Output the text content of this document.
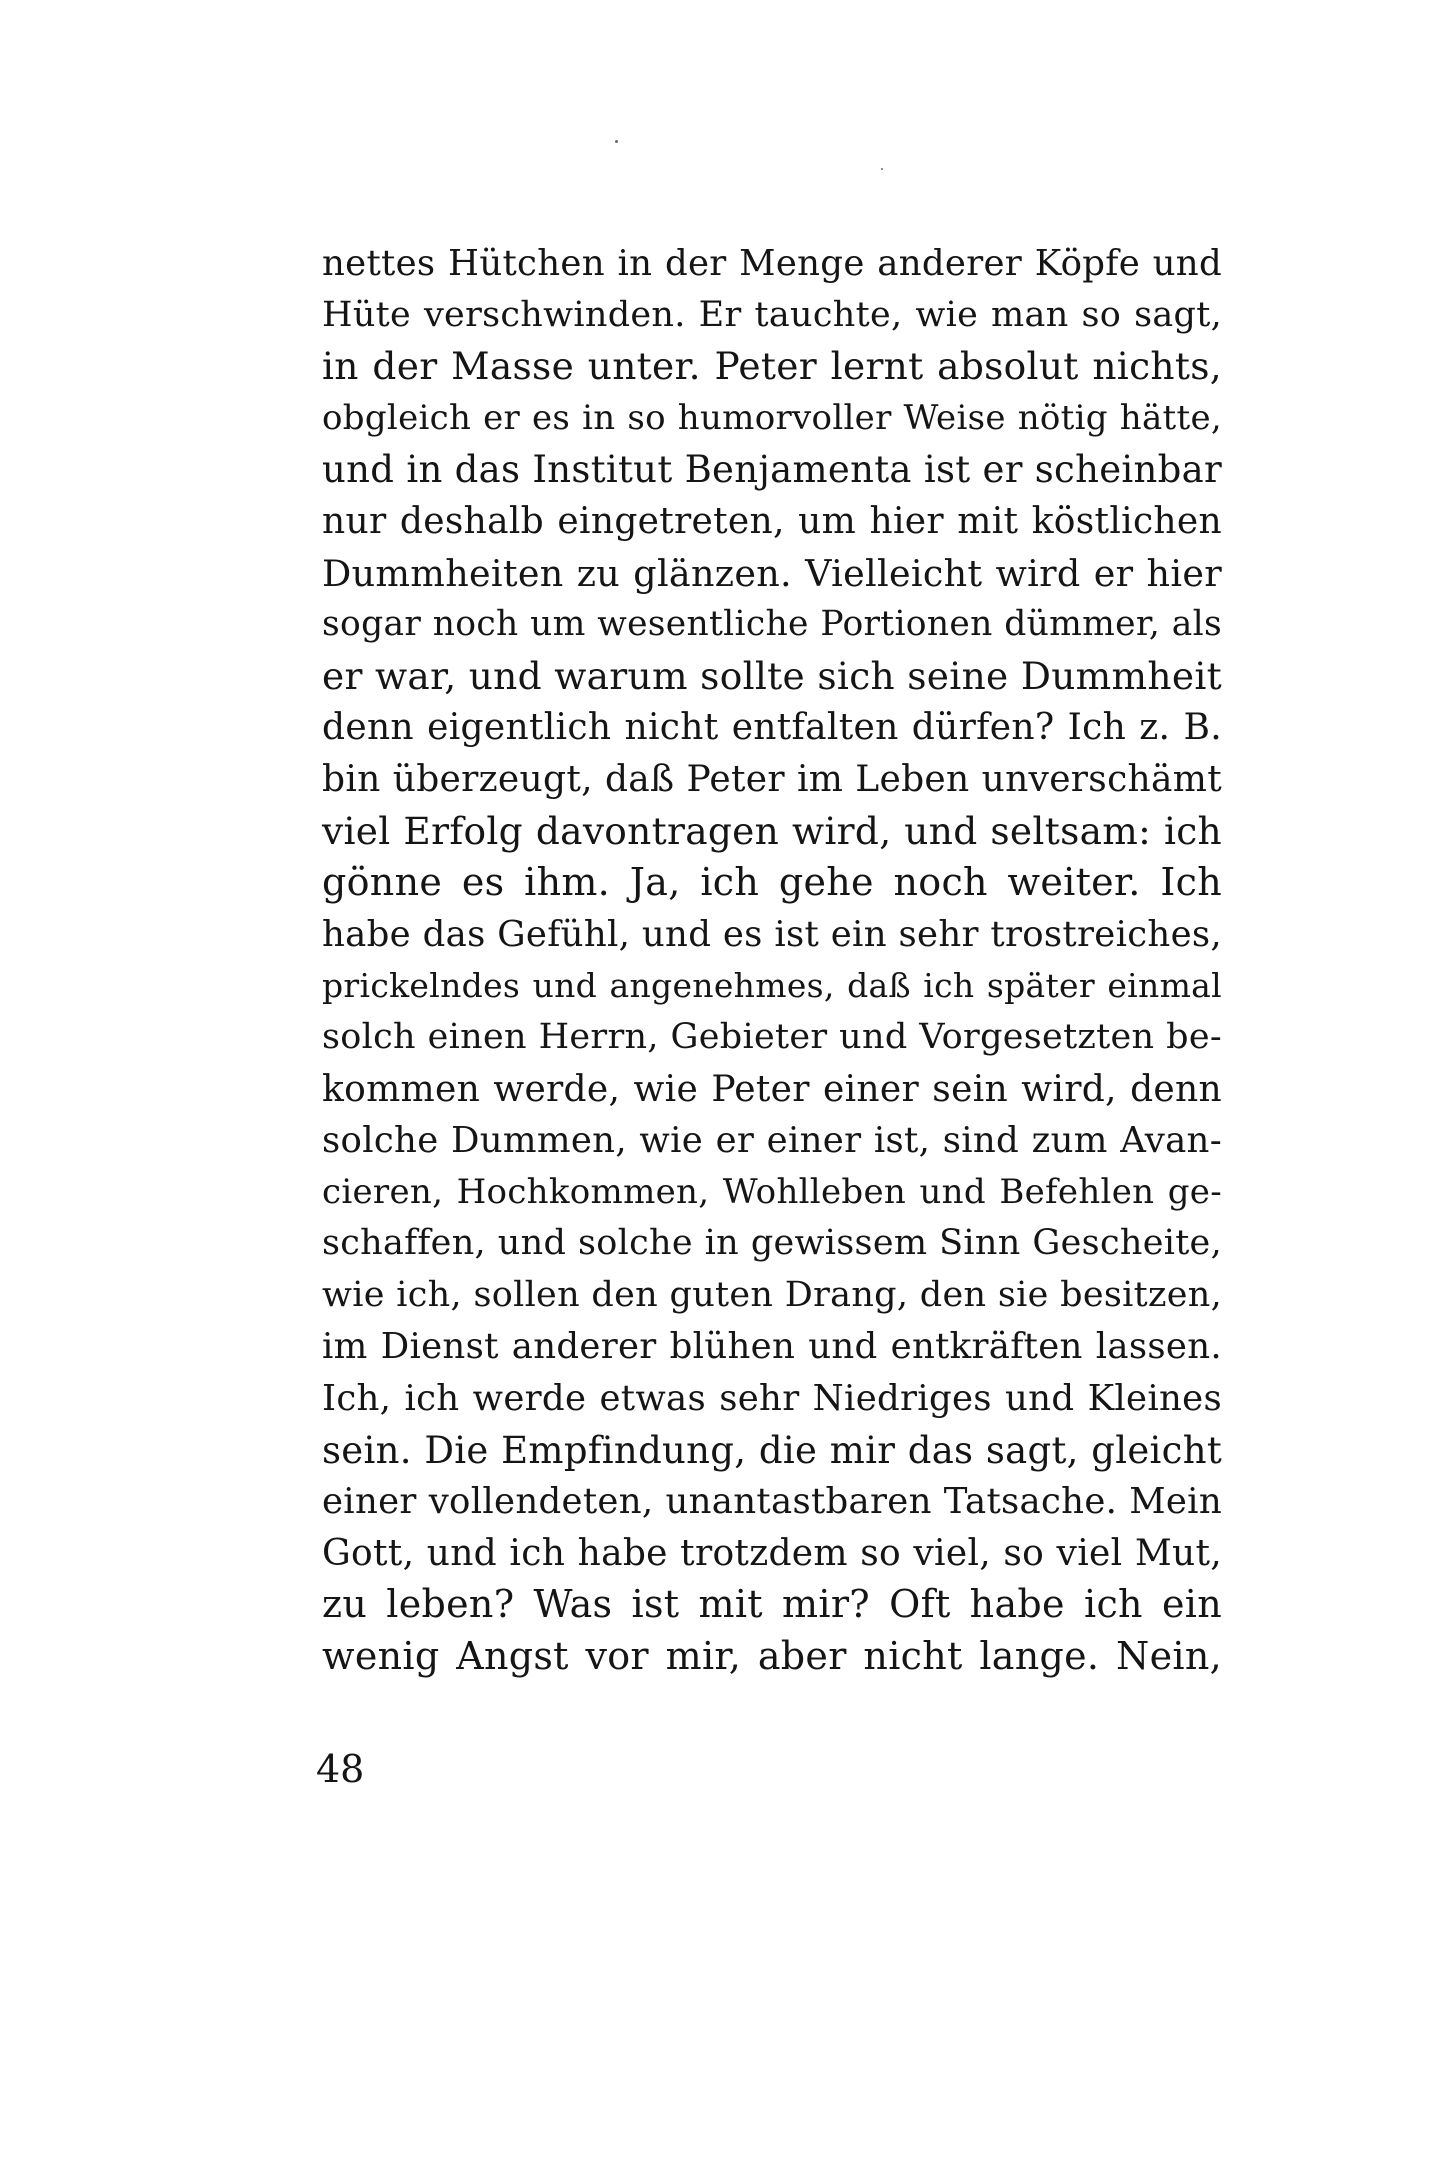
nettes Hütchen in der Menge anderer Köpfe und
Hüte verschwinden. Er tauchte, wie man so sagt,
in der Masse unter. Peter lernt absolut nichts,
obgleich er es in so humorvoller Weise nötig hätte,
und in das Institut Benjamenta ist er scheinbar
nur deshalb eingetreten, um hier mit köstlichen
Dummheiten zu glänzen. Vielleicht wird er hier
sogar noch um wesentliche Portionen dümmer, als
er war, und warum sollte sich seine Dummheit
denn eigentlich nicht entfalten dürfen? Ich z. B.
bin überzeugt, daß Peter im Leben unverschämt
viel Erfolg davontragen wird, und seltsam: ich
gönne es ihm. Ja, ich gehe noch weiter. Ich
habe das Gefühl, und es ist ein sehr trostreiches,
prickelndes und angenehmes, daß ich später einmal
solch einen Herrn, Gebieter und Vorgesetzten be-
kommen werde, wie Peter einer sein wird, denn
solche Dummen, wie er einer ist, sind zum Avan-
cieren, Hochkommen, Wohlleben und Befehlen ge-
schaffen, und solche in gewissem Sinn Gescheite,
wie ich, sollen den guten Drang, den sie besitzen,
im Dienst anderer blühen und entkräften lassen.
Ich, ich werde etwas sehr Niedriges und Kleines
sein. Die Empfindung, die mir das sagt, gleicht
einer vollendeten, unantastbaren Tatsache. Mein
Gott, und ich habe trotzdem so viel, so viel Mut,
zu leben? Was ist mit mir? Oft habe ich ein
wenig Angst vor mir, aber nicht lange. Nein,
48
